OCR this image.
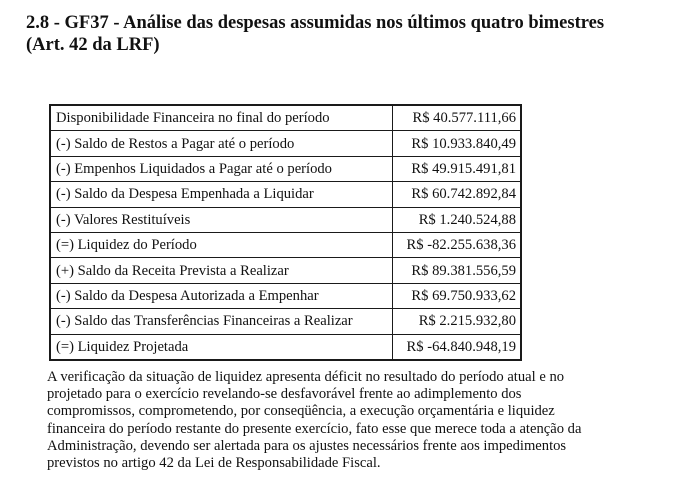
2.8 - GF37 - Análise das despesas assumidas nos últimos quatro bimestres
(Art. 42 da LRF)
Disponibilidade Financeira no final do período	R$ 40.577.111,66
(-) Saldo de Restos a Pagar até o período	R$ 10.933.840,49
(-) Empenhos Liquidados a Pagar até o período	R$ 49.915.491,81
(-) Saldo da Despesa Empenhada a Liquidar	R$ 60.742.892,84
(-) Valores Restituíveis	R$ 1.240.524,88
(=) Liquidez do Período	R$ -82.255.638,36
(+) Saldo da Receita Prevista a Realizar	R$ 89.381.556,59
(-) Saldo da Despesa Autorizada a Empenhar	R$ 69.750.933,62
(-) Saldo das Transferências Financeiras a Realizar	R$ 2.215.932,80
(=) Liquidez Projetada	R$ -64.840.948,19

A verificação da situação de liquidez apresenta déficit no resultado do período atual e no
projetado para o exercício revelando-se desfavorável frente ao adimplemento dos
compromissos, comprometendo, por conseqüência, a execução orçamentária e liquidez
financeira do período restante do presente exercício, fato esse que merece toda a atenção da
Administração, devendo ser alertada para os ajustes necessários frente aos impedimentos
previstos no artigo 42 da Lei de Responsabilidade Fiscal.
